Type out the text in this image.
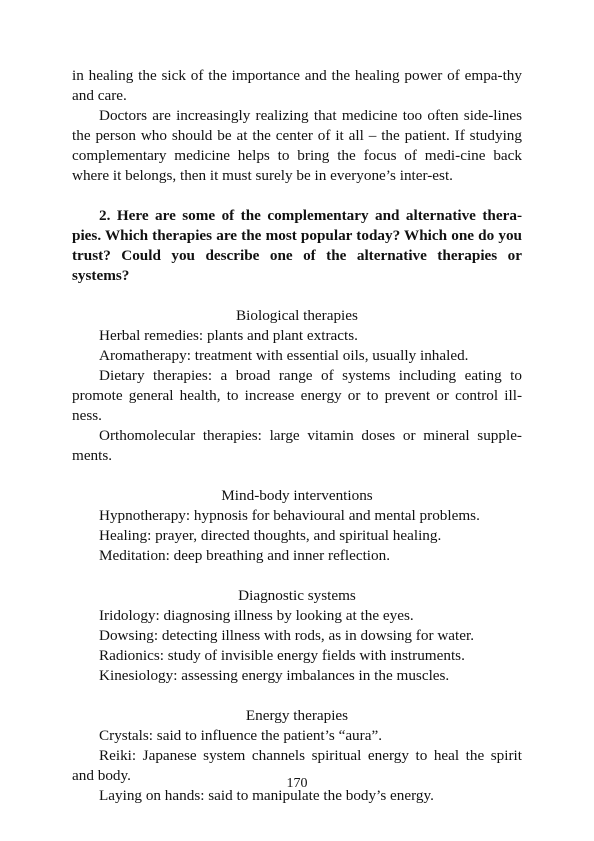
in healing the sick of the importance and the healing power of empa-thy and care.

Doctors are increasingly realizing that medicine too often side-lines the person who should be at the center of it all – the patient. If studying complementary medicine helps to bring the focus of medi-cine back where it belongs, then it must surely be in everyone’s inter-est.

2. Here are some of the complementary and alternative thera-pies. Which therapies are the most popular today? Which one do you trust? Could you describe one of the alternative therapies or systems?

Biological therapies

Herbal remedies: plants and plant extracts.

Aromatherapy: treatment with essential oils, usually inhaled.

Dietary therapies: a broad range of systems including eating to promote general health, to increase energy or to prevent or control ill-ness.

Orthomolecular therapies: large vitamin doses or mineral supple-ments.

Mind-body interventions

Hypnotherapy: hypnosis for behavioural and mental problems.

Healing: prayer, directed thoughts, and spiritual healing.

Meditation: deep breathing and inner reflection.

Diagnostic systems

Iridology: diagnosing illness by looking at the eyes.

Dowsing: detecting illness with rods, as in dowsing for water.

Radionics: study of invisible energy fields with instruments.

Kinesiology: assessing energy imbalances in the muscles.

Energy therapies

Crystals: said to influence the patient’s “aura”.

Reiki: Japanese system channels spiritual energy to heal the spirit and body.

Laying on hands: said to manipulate the body’s energy.

170
